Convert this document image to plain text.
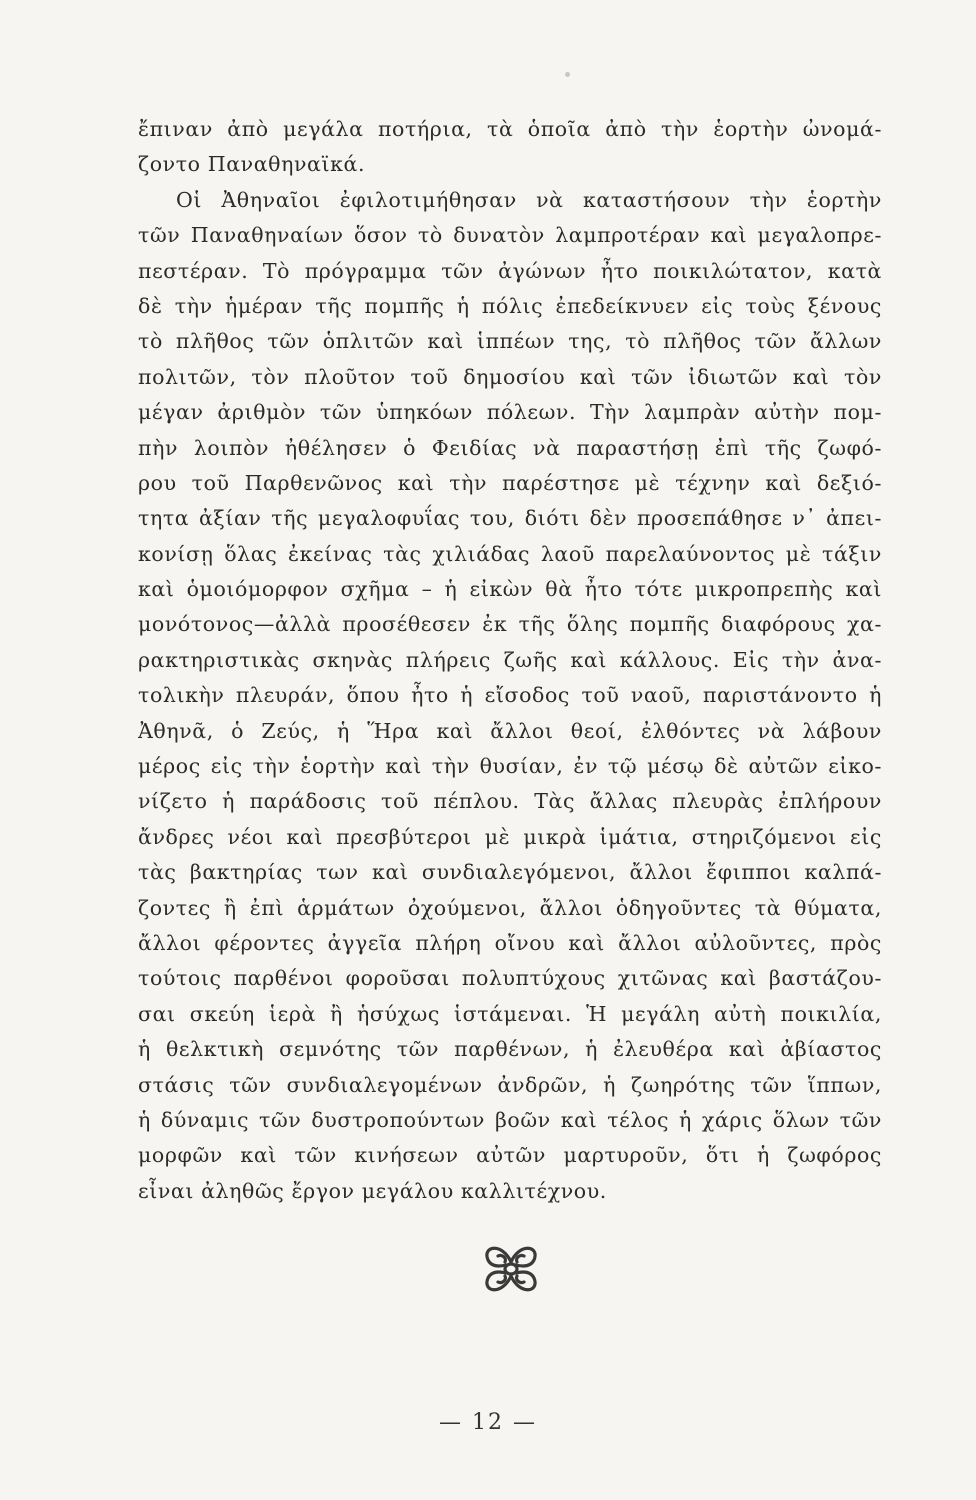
ἔπιναν ἀπὸ μεγάλα ποτήρια, τὰ ὁποῖα ἀπὸ τὴν ἑορτὴν ὠνομά-
ζοντο Παναθηναϊκά.
Οἱ Ἀθηναῖοι ἐφιλοτιμήθησαν νὰ καταστήσουν τὴν ἑορτὴν
τῶν Παναθηναίων ὅσον τὸ δυνατὸν λαμπροτέραν καὶ μεγαλοπρε-
πεστέραν. Τὸ πρόγραμμα τῶν ἀγώνων ἦτο ποικιλώτατον, κατὰ
δὲ τὴν ἡμέραν τῆς πομπῆς ἡ πόλις ἐπεδείκνυεν εἰς τοὺς ξένους
τὸ πλῆθος τῶν ὁπλιτῶν καὶ ἱππέων της, τὸ πλῆθος τῶν ἄλλων
πολιτῶν, τὸν πλοῦτον τοῦ δημοσίου καὶ τῶν ἰδιωτῶν καὶ τὸν
μέγαν ἀριθμὸν τῶν ὑπηκόων πόλεων. Τὴν λαμπρὰν αὐτὴν πομ-
πὴν λοιπὸν ἠθέλησεν ὁ Φειδίας νὰ παραστήσῃ ἐπὶ τῆς ζωφό-
ρου τοῦ Παρθενῶνος καὶ τὴν παρέστησε μὲ τέχνην καὶ δεξιό-
τητα ἀξίαν τῆς μεγαλοφυΐας του, διότι δὲν προσεπάθησε ν᾿ ἀπει-
κονίσῃ ὅλας ἐκείνας τὰς χιλιάδας λαοῦ παρελαύνοντος μὲ τάξιν
καὶ ὁμοιόμορφον σχῆμα – ἡ εἰκὼν θὰ ἦτο τότε μικροπρεπὴς καὶ
μονότονος—ἀλλὰ προσέθεσεν ἐκ τῆς ὅλης πομπῆς διαφόρους χα-
ρακτηριστικὰς σκηνὰς πλήρεις ζωῆς καὶ κάλλους. Εἰς τὴν ἀνα-
τολικὴν πλευράν, ὅπου ἦτο ἡ εἴσοδος τοῦ ναοῦ, παριστάνοντο ἡ
Ἀθηνᾶ, ὁ Ζεύς, ἡ Ἥρα καὶ ἄλλοι θεοί, ἐλθόντες νὰ λάβουν
μέρος εἰς τὴν ἑορτὴν καὶ τὴν θυσίαν, ἐν τῷ μέσῳ δὲ αὐτῶν εἰκο-
νίζετο ἡ παράδοσις τοῦ πέπλου. Τὰς ἄλλας πλευρὰς ἐπλήρουν
ἄνδρες νέοι καὶ πρεσβύτεροι μὲ μικρὰ ἱμάτια, στηριζόμενοι εἰς
τὰς βακτηρίας των καὶ συνδιαλεγόμενοι, ἄλλοι ἔφιπποι καλπά-
ζοντες ἢ ἐπὶ ἁρμάτων ὀχούμενοι, ἄλλοι ὁδηγοῦντες τὰ θύματα,
ἄλλοι φέροντες ἀγγεῖα πλήρη οἴνου καὶ ἄλλοι αὐλοῦντες, πρὸς
τούτοις παρθένοι φοροῦσαι πολυπτύχους χιτῶνας καὶ βαστάζου-
σαι σκεύη ἱερὰ ἢ ἡσύχως ἱστάμεναι. Ἡ μεγάλη αὐτὴ ποικιλία,
ἡ θελκτικὴ σεμνότης τῶν παρθένων, ἡ ἐλευθέρα καὶ ἀβίαστος
στάσις τῶν συνδιαλεγομένων ἀνδρῶν, ἡ ζωηρότης τῶν ἵππων,
ἡ δύναμις τῶν δυστροπούντων βοῶν καὶ τέλος ἡ χάρις ὅλων τῶν
μορφῶν καὶ τῶν κινήσεων αὐτῶν μαρτυροῦν, ὅτι ἡ ζωφόρος
εἶναι ἀληθῶς ἔργον μεγάλου καλλιτέχνου.
— 12 —
